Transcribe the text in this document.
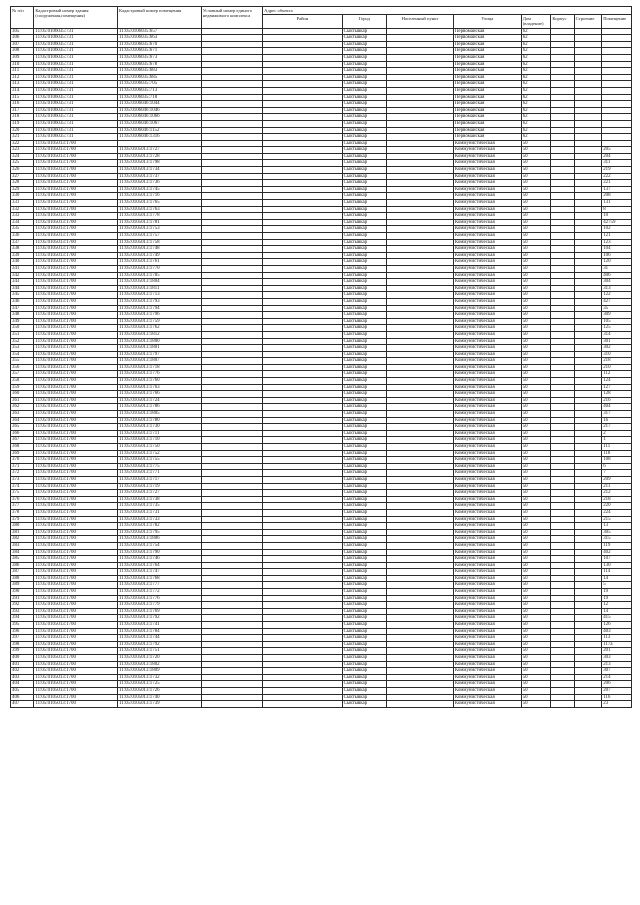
№ п/п	Кадастровый номер здания (сооружения,помещения)	Кадастровый номер помещения	Условный номер единого недвижимого комплекса	Адрес объекта							
				Район	Город	Населенный пункт	Улица	Дом (владение)	Корпус	Строение	Помещение
305	11:05:0106035:731	11:05:0106035:657			Сыктывкар		Первомайская	62			
306	11:05:0106035:731	11:05:0106035:663			Сыктывкар		Первомайская	62			
307	11:05:0106035:731	11:05:0106035:670			Сыктывкар		Первомайская	62			
308	11:05:0106035:731	11:05:0106035:671			Сыктывкар		Первомайская	62			
309	11:05:0106035:731	11:05:0106035:673			Сыктывкар		Первомайская	62			
310	11:05:0106035:731	11:05:0106035:678			Сыктывкар		Первомайская	62			
311	11:05:0106035:731	11:05:0106035:683			Сыктывкар		Первомайская	62			
312	11:05:0106035:731	11:05:0106035:685			Сыктывкар		Первомайская	62			
313	11:05:0106035:731	11:05:0106035:705			Сыктывкар		Первомайская	62			
314	11:05:0106035:731	11:05:0106035:713			Сыктывкар		Первомайская	62			
315	11:05:0106035:731	11:05:0106035:718			Сыктывкар		Первомайская	62			
316	11:05:0106035:731	11:05:0106046:1044			Сыктывкар		Первомайская	62			
317	11:05:0106035:731	11:05:0106046:1046			Сыктывкар		Первомайская	62			
318	11:05:0106035:731	11:05:0106046:1066			Сыктывкар		Первомайская	62			
319	11:05:0106035:731	11:05:0106046:1067			Сыктывкар		Первомайская	62			
320	11:05:0106035:731	11:05:0106046:1152			Сыктывкар		Первомайская	62			
321	11:05:0106035:731	11:05:0106046:1316			Сыктывкар		Первомайская	62			
322	11:05:0105013:1700				Сыктывкар		Коммунистическая	50			
323	11:05:0105013:1700	11:05:0105013:1727			Сыктывкар		Коммунистическая	50			205
324	11:05:0105013:1700	11:05:0105013:1728			Сыктывкар		Коммунистическая	50			204
325	11:05:0105013:1700	11:05:0105013:1798			Сыктывкар		Коммунистическая	50			311
326	11:05:0105013:1700	11:05:0105013:1734			Сыктывкар		Коммунистическая	50			219
327	11:05:0105013:1700	11:05:0105013:1737			Сыктывкар		Коммунистическая	50			222
328	11:05:0105013:1700	11:05:0105013:1736			Сыктывкар		Коммунистическая	50			221
329	11:05:0105013:1700	11:05:0105013:1745			Сыктывкар		Коммунистическая	50			137
330	11:05:0105013:1700	11:05:0105013:1716			Сыктывкар		Коммунистическая	50			208
331	11:05:0105013:1700	11:05:0105013:1765			Сыктывкар		Коммунистическая	50			131
332	11:05:0105013:1700	11:05:0105013:1763			Сыктывкар		Коммунистическая	50			8
333	11:05:0105013:1700	11:05:0105013:1778			Сыктывкар		Коммунистическая	50			10
334	11:05:0105013:1700	11:05:0105013:1781			Сыктывкар		Коммунистическая	50			42759
335	11:05:0105013:1700	11:05:0105013:1753			Сыктывкар		Коммунистическая	50			102
336	11:05:0105013:1700	11:05:0105013:1757			Сыктывкар		Коммунистическая	50			121
337	11:05:0105013:1700	11:05:0105013:1758			Сыктывкар		Коммунистическая	50			123
338	11:05:0105013:1700	11:05:0105013:1748			Сыктывкар		Коммунистическая	50			104
339	11:05:0105013:1700	11:05:0105013:1749			Сыктывкар		Коммунистическая	50			106
340	11:05:0105013:1700	11:05:0105013:1761			Сыктывкар		Коммунистическая	50			120
341	11:05:0105013:1700	11:05:0105013:1770			Сыктывкар		Коммунистическая	50			31
342	11:05:0105013:1700	11:05:0105013:1785			Сыктывкар		Коммунистическая	50			406
343	11:05:0105013:1700	11:05:0105013:1804			Сыктывкар		Коммунистическая	50			304
344	11:05:0105013:1700	11:05:0105013:1811			Сыктывкар		Коммунистическая	50			313
345	11:05:0105013:1700	11:05:0105013:1713			Сыктывкар		Коммунистическая	50			122
346	11:05:0105013:1700	11:05:0105013:1793			Сыктывкар		Коммунистическая	50			427
347	11:05:0105013:1700	11:05:0105013:1794			Сыктывкар		Коммунистическая	50			35
348	11:05:0105013:1700	11:05:0105013:1796			Сыктывкар		Коммунистическая	50			309
349	11:05:0105013:1700	11:05:0105013:1759			Сыктывкар		Коммунистическая	50			105
350	11:05:0105013:1700	11:05:0105013:1762			Сыктывкар		Коммунистическая	50			125
351	11:05:0105013:1700	11:05:0105013:1812			Сыктывкар		Коммунистическая	50			314
352	11:05:0105013:1700	11:05:0105013:1800			Сыктывкар		Коммунистическая	50			301
353	11:05:0105013:1700	11:05:0105013:1801			Сыктывкар		Коммунистическая	50			302
354	11:05:0105013:1700	11:05:0105013:1797			Сыктывкар		Коммунистическая	50			310
355	11:05:0105013:1700	11:05:0105013:1807			Сыктывкар		Коммунистическая	50			218
356	11:05:0105013:1700	11:05:0105013:1718			Сыктывкар		Коммунистическая	50			210
357	11:05:0105013:1700	11:05:0105013:1776			Сыктывкар		Коммунистическая	50			112
358	11:05:0105013:1700	11:05:0105013:1760			Сыктывкар		Коммунистическая	50			124
359	11:05:0105013:1700	11:05:0105013:1763			Сыктывкар		Коммунистическая	50			127
360	11:05:0105013:1700	11:05:0105013:1766			Сыктывкар		Коммунистическая	50			128
361	11:05:0105013:1700	11:05:0105013:1724			Сыктывкар		Коммунистическая	50			216
362	11:05:0105013:1700	11:05:0105013:1786			Сыктывкар		Коммунистическая	50			404
363	11:05:0105013:1700	11:05:0105013:1805			Сыктывкар		Коммунистическая	50			317
364	11:05:0105013:1700	11:05:0105013:1780			Сыктывкар		Коммунистическая	50			1б
365	11:05:0105013:1700	11:05:0105013:1730			Сыктывкар		Коммунистическая	50			217
366	11:05:0105013:1700	11:05:0105013:1711			Сыктывкар		Коммунистическая	50			2
367	11:05:0105013:1700	11:05:0105013:1710			Сыктывкар		Коммунистическая	50			1
368	11:05:0105013:1700	11:05:0105013:1750			Сыктывкар		Коммунистическая	50			111
369	11:05:0105013:1700	11:05:0105013:1752			Сыктывкар		Коммунистическая	50			118
370	11:05:0105013:1700	11:05:0105013:1755			Сыктывкар		Коммунистическая	50			108
371	11:05:0105013:1700	11:05:0105013:1775			Сыктывкар		Коммунистическая	50			6
372	11:05:0105013:1700	11:05:0105013:1771			Сыктывкар		Коммунистическая	50			7
373	11:05:0105013:1700	11:05:0105013:1717			Сыктывкар		Коммунистическая	50			209
374	11:05:0105013:1700	11:05:0105013:1719			Сыктывкар		Коммунистическая	50			211
375	11:05:0105013:1700	11:05:0105013:1727			Сыктывкар		Коммунистическая	50			212
376	11:05:0105013:1700	11:05:0105013:1738			Сыктывкар		Коммунистическая	50			218
377	11:05:0105013:1700	11:05:0105013:1735			Сыктывкар		Коммунистическая	50			220
378	11:05:0105013:1700	11:05:0105013:1731			Сыктывкар		Коммунистическая	50			224
379	11:05:0105013:1700	11:05:0105013:1733			Сыктывкар		Коммунистическая	50			215
380	11:05:0105013:1700	11:05:0105013:1782			Сыктывкар		Коммунистическая	50			13
381	11:05:0105013:1700	11:05:0105013:1795			Сыктывкар		Коммунистическая	50			305
382	11:05:0105013:1700	11:05:0105013:1806			Сыктывкар		Коммунистическая	50			315
383	11:05:0105013:1700	11:05:0105013:1754			Сыктывкар		Коммунистическая	50			119
384	11:05:0105013:1700	11:05:0105013:1790			Сыктывкар		Коммунистическая	50			402
385	11:05:0105013:1700	11:05:0105013:1746			Сыктывкар		Коммунистическая	50			107
386	11:05:0105013:1700	11:05:0105013:1764			Сыктывкар		Коммунистическая	50			130
387	11:05:0105013:1700	11:05:0105013:1747			Сыктывкар		Коммунистическая	50			114
388	11:05:0105013:1700	11:05:0105013:1768			Сыктывкар		Коммунистическая	50			14
389	11:05:0105013:1700	11:05:0105013:1777			Сыктывкар		Коммунистическая	50			5
390	11:05:0105013:1700	11:05:0105013:1772			Сыктывкар		Коммунистическая	50			19
391	11:05:0105013:1700	11:05:0105013:1776			Сыктывкар		Коммунистическая	50			19
392	11:05:0105013:1700	11:05:0105013:1779			Сыктывкар		Коммунистическая	50			12
393	11:05:0105013:1700	11:05:0105013:1769			Сыктывкар		Коммунистическая	50			14
394	11:05:0105013:1700	11:05:0105013:1792			Сыктывкар		Коммунистическая	50			415
395	11:05:0105013:1700	11:05:0105013:1741			Сыктывкар		Коммунистическая	50			126
396	11:05:0105013:1700	11:05:0105013:1784			Сыктывкар		Коммунистическая	50			403
397	11:05:0105013:1700	11:05:0105013:1744			Сыктывкар		Коммунистическая	50			113
398	11:05:0105013:1700	11:05:0105013:1792			Сыктывкар		Коммунистическая	50			117а
399	11:05:0105013:1700	11:05:0105013:1751			Сыктывкар		Коммунистическая	50			201
400	11:05:0105013:1700	11:05:0105013:1720			Сыктывкар		Коммунистическая	50			303
401	11:05:0105013:1700	11:05:0105013:1802			Сыктывкар		Коммунистическая	50			213
402	11:05:0105013:1700	11:05:0105013:1809			Сыктывкар		Коммунистическая	50			307
403	11:05:0105013:1700	11:05:0105013:1732			Сыктывкар		Коммунистическая	50			214
404	11:05:0105013:1700	11:05:0105013:1725			Сыктывкар		Коммунистическая	50			206
405	11:05:0105013:1700	11:05:0105013:1726			Сыктывкар		Коммунистическая	50			207
406	11:05:0105013:1700	11:05:0105013:1740			Сыктывкар		Коммунистическая	50			116
407	11:05:0105013:1700	11:05:0105013:1739			Сыктывкар		Коммунистическая	50			23
